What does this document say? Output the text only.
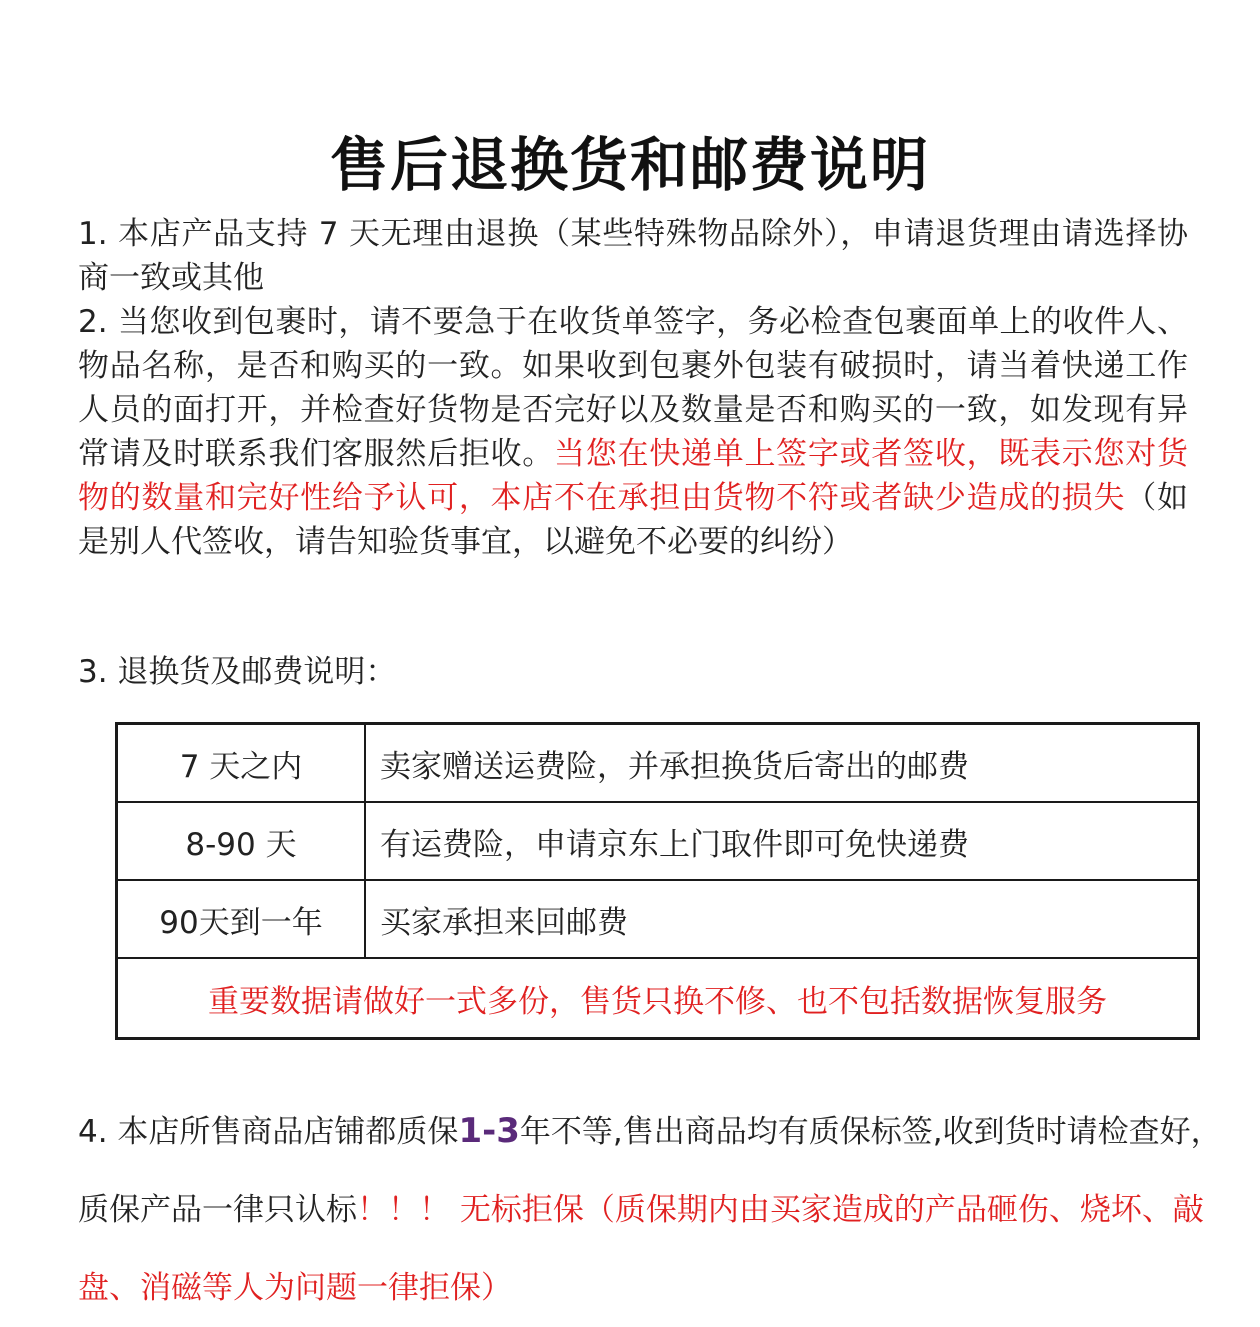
售后退换货和邮费说明
1. 本店产品支持 7 天无理由退换（某些特殊物品除外），申请退货理由请选择协商一致或其他
2. 当您收到包裹时，请不要急于在收货单签字，务必检查包裹面单上的收件人、物品名称，是否和购买的一致。如果收到包裹外包装有破损时，请当着快递工作人员的面打开，并检查好货物是否完好以及数量是否和购买的一致，如发现有异常请及时联系我们客服然后拒收。当您在快递单上签字或者签收，既表示您对货物的数量和完好性给予认可，本店不在承担由货物不符或者缺少造成的损失（如是别人代签收，请告知验货事宜，以避免不必要的纠纷）
3. 退换货及邮费说明：
7 天之内	卖家赠送运费险，并承担换货后寄出的邮费
8-90 天	有运费险，申请京东上门取件即可免快递费
90天到一年	买家承担来回邮费
重要数据请做好一式多份，售货只换不修、也不包括数据恢复服务	
4. 本店所售商品店铺都质保1-3年不等,售出商品均有质保标签,收到货时请检查好，质保产品一律只认标！！！ 无标拒保（质保期内由买家造成的产品砸伤、烧坏、敲盘、消磁等人为问题一律拒保）
